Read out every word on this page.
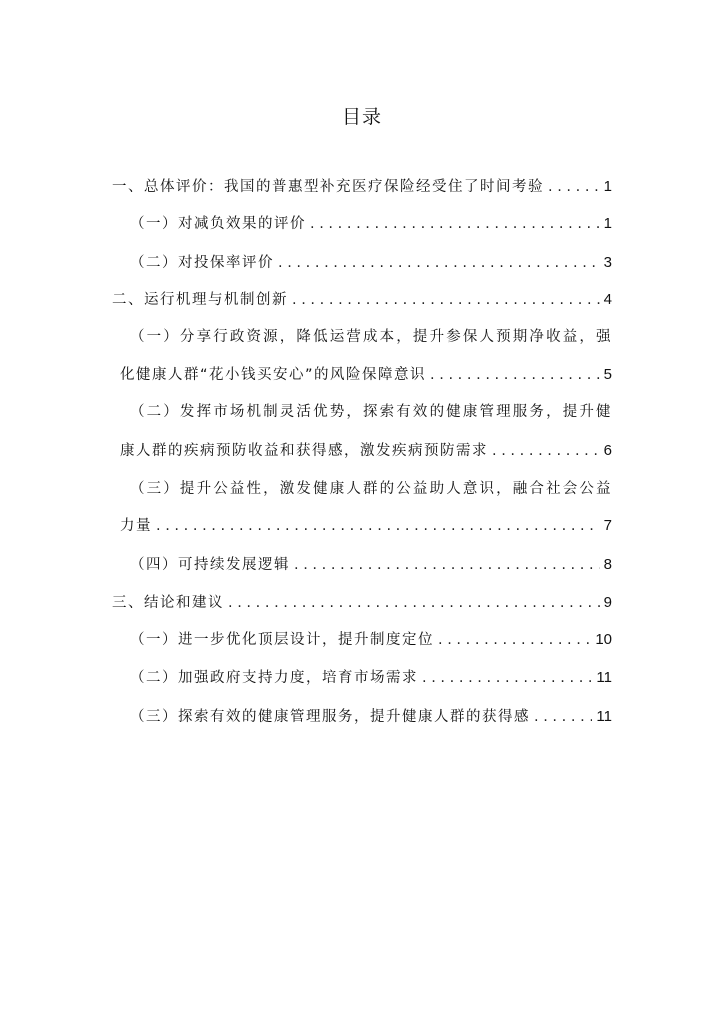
目录
一、总体评价：我国的普惠型补充医疗保险经受住了时间考验 . . .	1
（一）对减负效果的评价 . . .	1
（二）对投保率评价 . . .	3
二、运行机理与机制创新 . . .	4
（一）分享行政资源，降低运营成本，提升参保人预期净收益，强
化健康人群“花小钱买安心”的风险保障意识 . . .	5
（二）发挥市场机制灵活优势，探索有效的健康管理服务，提升健
康人群的疾病预防收益和获得感，激发疾病预防需求 . . .	6
（三）提升公益性，激发健康人群的公益助人意识，融合社会公益
力量 . . .	7
（四）可持续发展逻辑 . . .	8
三、结论和建议 . . .	9
（一）进一步优化顶层设计，提升制度定位 . . .	10
（二）加强政府支持力度，培育市场需求 . . .	11
（三）探索有效的健康管理服务，提升健康人群的获得感 . . .	11
